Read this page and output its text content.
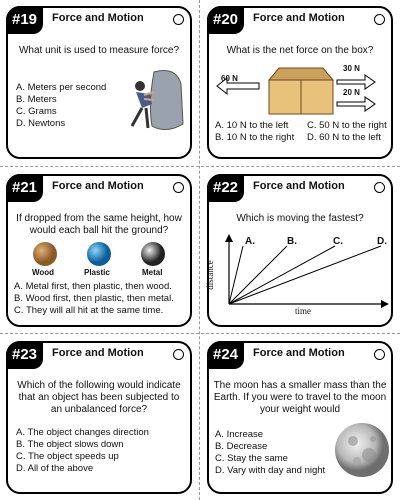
#19	Force and Motion
What unit is used to measure force?
A. Meters per second
B. Meters
C. Grams
D. Newtons
#20	Force and Motion
What is the net force on the box?
60 N
30 N
20 N
A. 10 N to the left
B. 10 N to the right
C. 50 N to the right
D. 60 N to the left
#21	Force and Motion
If dropped from the same height, how would each ball hit the ground?
Wood	Plastic	Metal
A. Metal first, then plastic, then wood.
B. Wood first, then plastic, then metal.
C. They will all hit at the same time.
#22	Force and Motion
Which is moving the fastest?
A.	B.	C.	D.
distance
time
#23	Force and Motion
Which of the following would indicate that an object has been subjected to an unbalanced force?
A. The object changes direction
B. The object slows down
C. The object speeds up
D. All of the above
#24	Force and Motion
The moon has a smaller mass than the Earth. If you were to travel to the moon your weight would
A. Increase
B. Decrease
C. Stay the same
D. Vary with day and night
